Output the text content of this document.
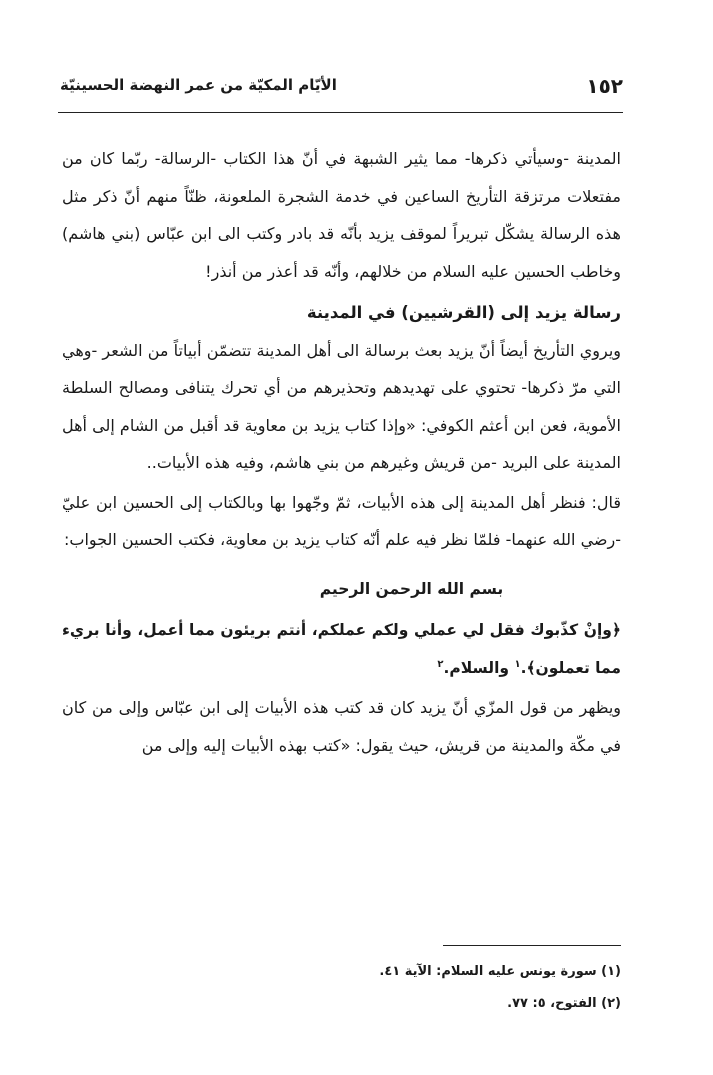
١٥٢
الأيّام المكيّة من عمر النهضة الحسينيّة

المدينة -وسيأتي ذكرها- مما يثير الشبهة في أنّ هذا الكتاب -الرسالة- ربّما كان من مفتعلات مرتزقة التأريخ الساعين في خدمة الشجرة الملعونة، ظنّاً منهم أنّ ذكر مثل هذه الرسالة يشكّل تبريراً لموقف يزيد بأنّه قد بادر وكتب الى ابن عبّاس (بني هاشم) وخاطب الحسين عليه السلام من خلالهم، وأنّه قد أعذر من أنذر!

رسالة يزيد إلى (القرشيين) في المدينة

ويروي التأريخ أيضاً أنّ يزيد بعث برسالة الى أهل المدينة تتضمّن أبياتاً من الشعر -وهي التي مرّ ذكرها- تحتوي على تهديدهم وتحذيرهم من أي تحرك يتنافى ومصالح السلطة الأموية، فعن ابن أعثم الكوفي: «وإذا كتاب يزيد بن معاوية قد أقبل من الشام إلى أهل المدينة على البريد -من قريش وغيرهم من بني هاشم، وفيه هذه الأبيات..

قال: فنظر أهل المدينة إلى هذه الأبيات، ثمّ وجّهوا بها وبالكتاب إلى الحسين ابن عليّ -رضي الله عنهما- فلمّا نظر فيه علم أنّه كتاب يزيد بن معاوية، فكتب الحسين الجواب:

بسم الله الرحمن الرحيم

﴿وإنْ كذّبوك فقل لي عملي ولكم عملكم، أنتم بريئون مما أعمل، وأنا بريء مما تعملون﴾.$^١$ والسلام.$^٢$

ويظهر من قول المزّي أنّ يزيد كان قد كتب هذه الأبيات إلى ابن عبّاس وإلى من كان في مكّة والمدينة من قريش، حيث يقول: «كتب بهذه الأبيات إليه وإلى من

(١) سورة يونس عليه السلام: الآية ٤١.

(٢) الفتوح، ٥: ٧٧.
